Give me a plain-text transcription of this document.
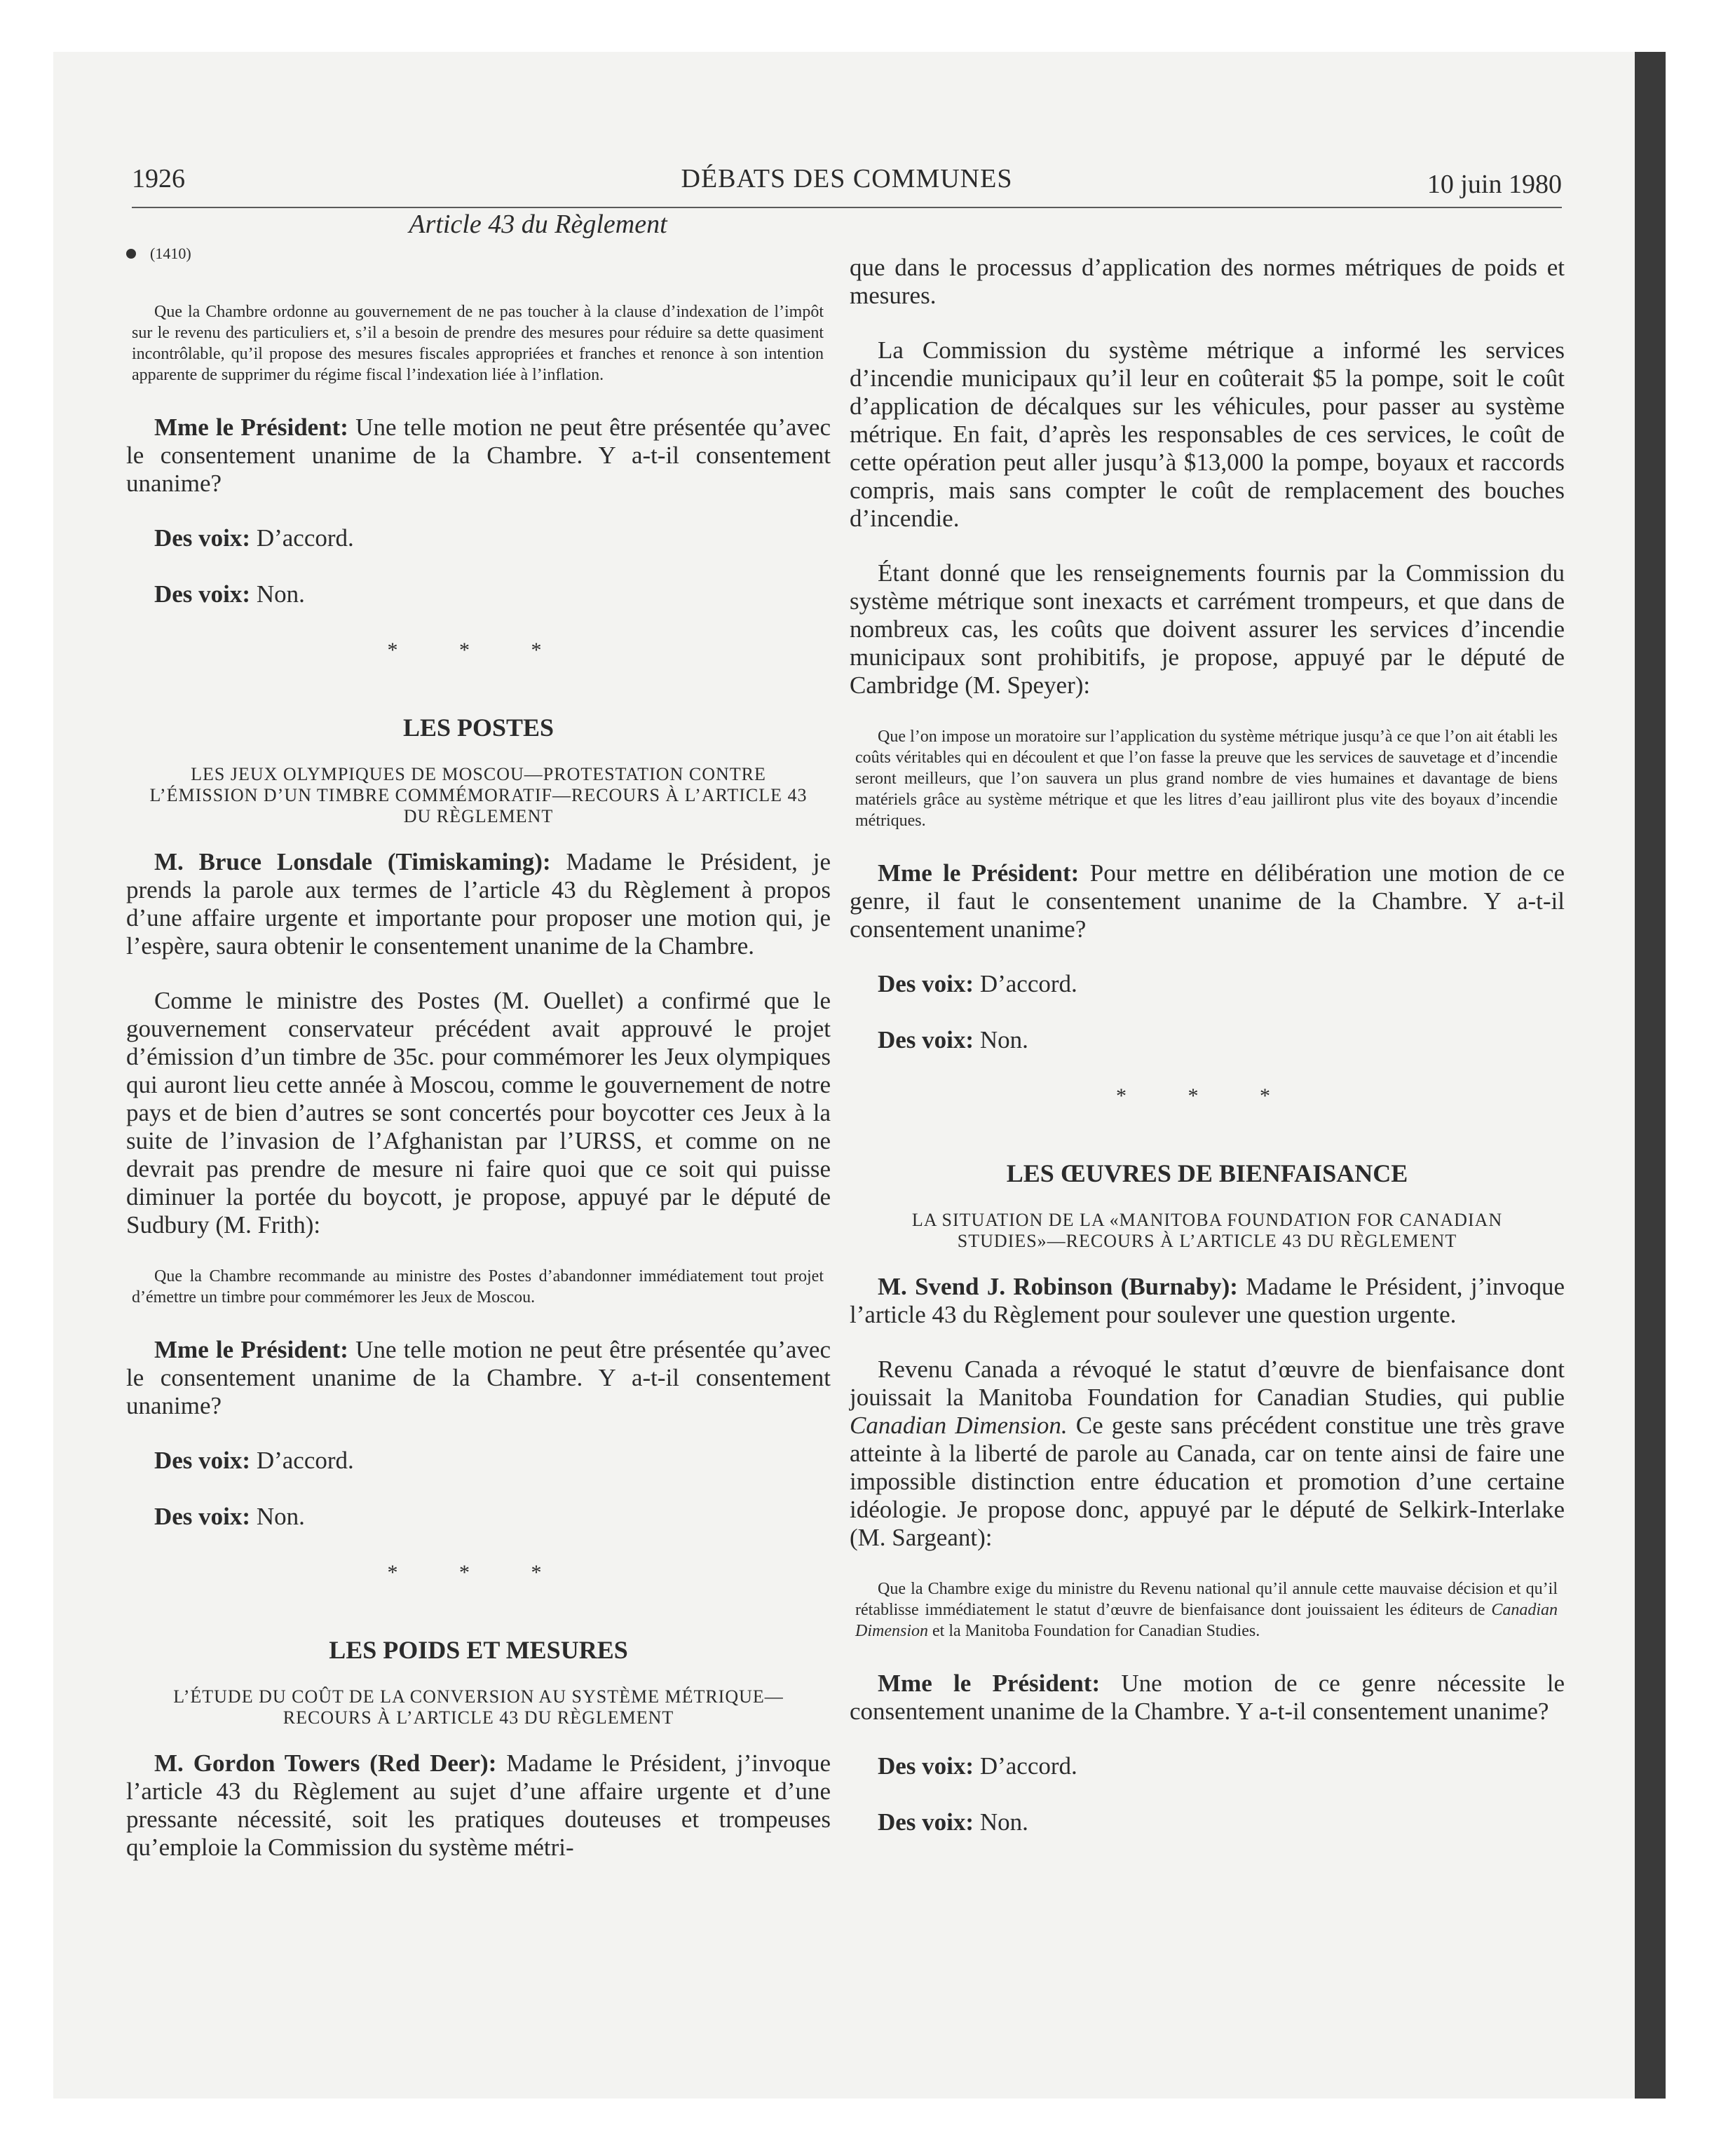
1926	DÉBATS DES COMMUNES	10 juin 1980
Article 43 du Règlement
(1410)

Que la Chambre ordonne au gouvernement de ne pas toucher à la clause d’indexation de l’impôt sur le revenu des particuliers et, s’il a besoin de prendre des mesures pour réduire sa dette quasiment incontrôlable, qu’il propose des mesures fiscales appropriées et franches et renonce à son intention apparente de supprimer du régime fiscal l’indexation liée à l’inflation.

Mme le Président: Une telle motion ne peut être présentée qu’avec le consentement unanime de la Chambre. Y a-t-il consentement unanime?

Des voix: D’accord.

Des voix: Non.

* * *
LES POSTES
LES JEUX OLYMPIQUES DE MOSCOU—PROTESTATION CONTRE L’ÉMISSION D’UN TIMBRE COMMÉMORATIF—RECOURS À L’ARTICLE 43 DU RÈGLEMENT

M. Bruce Lonsdale (Timiskaming): Madame le Président, je prends la parole aux termes de l’article 43 du Règlement à propos d’une affaire urgente et importante pour proposer une motion qui, je l’espère, saura obtenir le consentement unanime de la Chambre.

Comme le ministre des Postes (M. Ouellet) a confirmé que le gouvernement conservateur précédent avait approuvé le projet d’émission d’un timbre de 35c. pour commémorer les Jeux olympiques qui auront lieu cette année à Moscou, comme le gouvernement de notre pays et de bien d’autres se sont concertés pour boycotter ces Jeux à la suite de l’invasion de l’Afghanistan par l’URSS, et comme on ne devrait pas prendre de mesure ni faire quoi que ce soit qui puisse diminuer la portée du boycott, je propose, appuyé par le député de Sudbury (M. Frith):

Que la Chambre recommande au ministre des Postes d’abandonner immédiatement tout projet d’émettre un timbre pour commémorer les Jeux de Moscou.

Mme le Président: Une telle motion ne peut être présentée qu’avec le consentement unanime de la Chambre. Y a-t-il consentement unanime?

Des voix: D’accord.

Des voix: Non.

* * *
LES POIDS ET MESURES
L’ÉTUDE DU COÛT DE LA CONVERSION AU SYSTÈME MÉTRIQUE—RECOURS À L’ARTICLE 43 DU RÈGLEMENT

M. Gordon Towers (Red Deer): Madame le Président, j’invoque l’article 43 du Règlement au sujet d’une affaire urgente et d’une pressante nécessité, soit les pratiques douteuses et trompeuses qu’emploie la Commission du système métri-

que dans le processus d’application des normes métriques de poids et mesures.

La Commission du système métrique a informé les services d’incendie municipaux qu’il leur en coûterait $5 la pompe, soit le coût d’application de décalques sur les véhicules, pour passer au système métrique. En fait, d’après les responsables de ces services, le coût de cette opération peut aller jusqu’à $13,000 la pompe, boyaux et raccords compris, mais sans compter le coût de remplacement des bouches d’incendie.

Étant donné que les renseignements fournis par la Commission du système métrique sont inexacts et carrément trompeurs, et que dans de nombreux cas, les coûts que doivent assurer les services d’incendie municipaux sont prohibitifs, je propose, appuyé par le député de Cambridge (M. Speyer):

Que l’on impose un moratoire sur l’application du système métrique jusqu’à ce que l’on ait établi les coûts véritables qui en découlent et que l’on fasse la preuve que les services de sauvetage et d’incendie seront meilleurs, que l’on sauvera un plus grand nombre de vies humaines et davantage de biens matériels grâce au système métrique et que les litres d’eau jailliront plus vite des boyaux d’incendie métriques.

Mme le Président: Pour mettre en délibération une motion de ce genre, il faut le consentement unanime de la Chambre. Y a-t-il consentement unanime?

Des voix: D’accord.

Des voix: Non.

* * *
LES ŒUVRES DE BIENFAISANCE
LA SITUATION DE LA «MANITOBA FOUNDATION FOR CANADIAN STUDIES»—RECOURS À L’ARTICLE 43 DU RÈGLEMENT

M. Svend J. Robinson (Burnaby): Madame le Président, j’invoque l’article 43 du Règlement pour soulever une question urgente.

Revenu Canada a révoqué le statut d’œuvre de bienfaisance dont jouissait la Manitoba Foundation for Canadian Studies, qui publie Canadian Dimension. Ce geste sans précédent constitue une très grave atteinte à la liberté de parole au Canada, car on tente ainsi de faire une impossible distinction entre éducation et promotion d’une certaine idéologie. Je propose donc, appuyé par le député de Selkirk-Interlake (M. Sargeant):

Que la Chambre exige du ministre du Revenu national qu’il annule cette mauvaise décision et qu’il rétablisse immédiatement le statut d’œuvre de bienfaisance dont jouissaient les éditeurs de Canadian Dimension et la Manitoba Foundation for Canadian Studies.

Mme le Président: Une motion de ce genre nécessite le consentement unanime de la Chambre. Y a-t-il consentement unanime?

Des voix: D’accord.

Des voix: Non.
